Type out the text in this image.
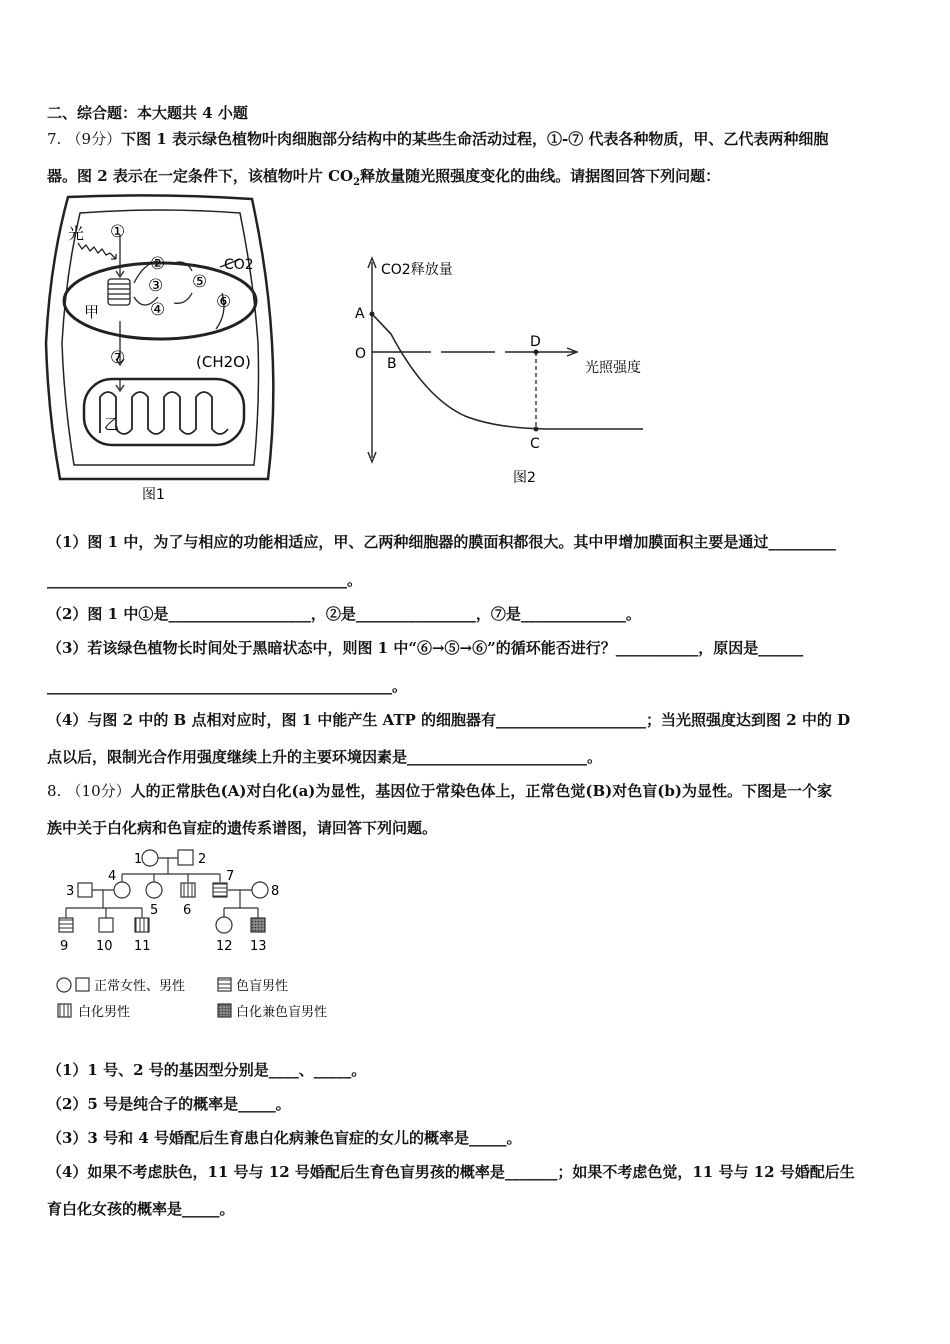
二、综合题：本大题共 4 小题
7. （9分）下图 1 表示绿色植物叶肉细胞部分结构中的某些生命活动过程，①-⑦ 代表各种物质，甲、乙代表两种细胞
器。图 2 表示在一定条件下，该植物叶片 $CO_2$释放量随光照强度变化的曲线。请据图回答下列问题：
①
②
③
④
⑤
⑥
⑦
光
CO2
(CH2O)
甲
乙
图1
CO2释放量
光照强度
A
B
C
D
O
图2
（1）图 1 中，为了与相应的功能相适应，甲、乙两种细胞器的膜面积都很大。其中甲增加膜面积主要是通过_________
________________________________________。
（2）图 1 中①是___________________，②是________________，⑦是______________。
（3）若该绿色植物长时间处于黑暗状态中，则图 1 中“⑥→⑤→⑥”的循环能否进行？___________，原因是______
______________________________________________。
（4）与图 2 中的 B 点相对应时，图 1 中能产生 ATP 的细胞器有____________________；当光照强度达到图 2 中的 D
点以后，限制光合作用强度继续上升的主要环境因素是________________________。
8. （10分）人的正常肤色(A)对白化(a)为显性，基因位于常染色体上，正常色觉(B)对色盲(b)为显性。下图是一个家
族中关于白化病和色盲症的遗传系谱图，请回答下列问题。
1	2
3
4
5 6
7
8
9 10 11	12 13
正常女性、男性	色盲男性
白化男性	白化兼色盲男性
（1）1 号、2 号的基因型分别是____、_____。
（2）5 号是纯合子的概率是_____。
（3）3 号和 4 号婚配后生育患白化病兼色盲症的女儿的概率是_____。
（4）如果不考虑肤色，11 号与 12 号婚配后生育色盲男孩的概率是_______；如果不考虑色觉，11 号与 12 号婚配后生
育白化女孩的概率是_____。
